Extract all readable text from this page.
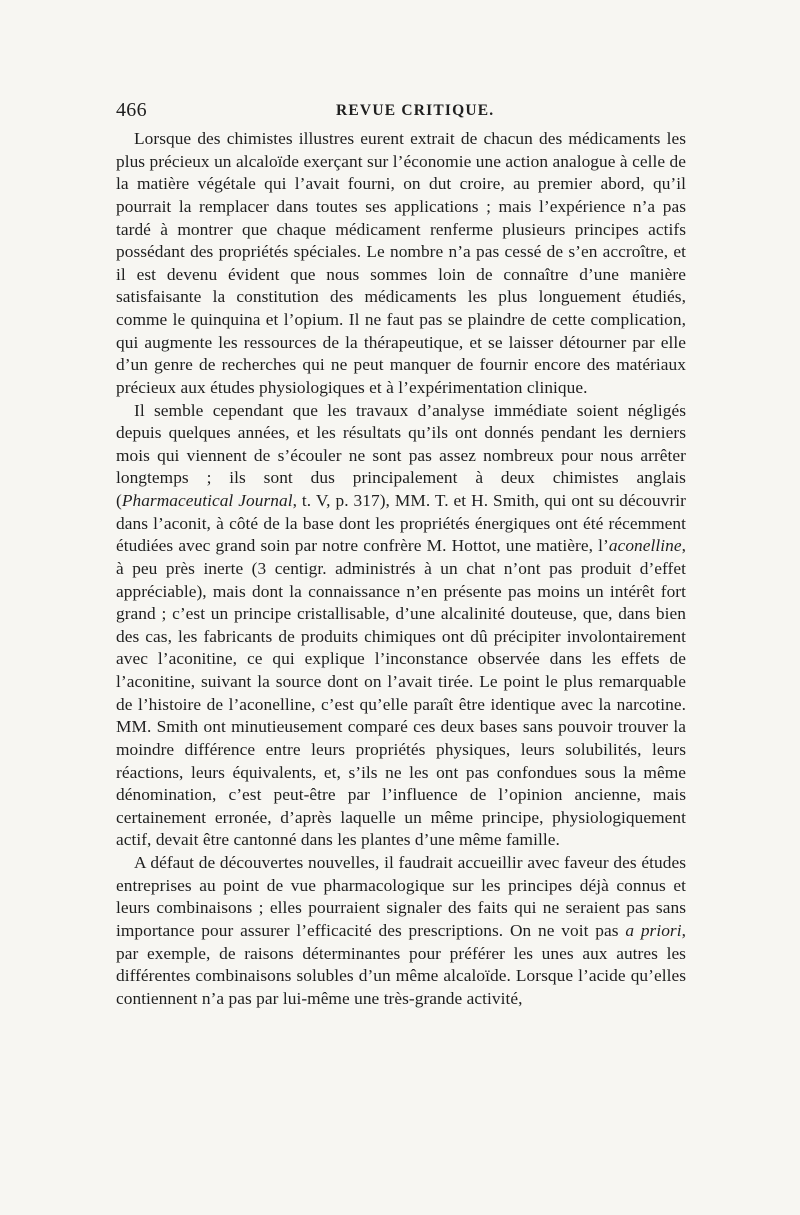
466	REVUE CRITIQUE.

Lorsque des chimistes illustres eurent extrait de chacun des médicaments les plus précieux un alcaloïde exerçant sur l’économie une action analogue à celle de la matière végétale qui l’avait fourni, on dut croire, au premier abord, qu’il pourrait la remplacer dans toutes ses applications ; mais l’expérience n’a pas tardé à montrer que chaque médicament renferme plusieurs principes actifs possédant des propriétés spéciales. Le nombre n’a pas cessé de s’en accroître, et il est devenu évident que nous sommes loin de connaître d’une manière satisfaisante la constitution des médicaments les plus longuement étudiés, comme le quinquina et l’opium. Il ne faut pas se plaindre de cette complication, qui augmente les ressources de la thérapeutique, et se laisser détourner par elle d’un genre de recherches qui ne peut manquer de fournir encore des matériaux précieux aux études physiologiques et à l’expérimentation clinique.

Il semble cependant que les travaux d’analyse immédiate soient négligés depuis quelques années, et les résultats qu’ils ont donnés pendant les derniers mois qui viennent de s’écouler ne sont pas assez nombreux pour nous arrêter longtemps ; ils sont dus principalement à deux chimistes anglais (Pharmaceutical Journal, t. V, p. 317), MM. T. et H. Smith, qui ont su découvrir dans l’aconit, à côté de la base dont les propriétés énergiques ont été récemment étudiées avec grand soin par notre confrère M. Hottot, une matière, l’aconelline, à peu près inerte (3 centigr. administrés à un chat n’ont pas produit d’effet appréciable), mais dont la connaissance n’en présente pas moins un intérêt fort grand ; c’est un principe cristallisable, d’une alcalinité douteuse, que, dans bien des cas, les fabricants de produits chimiques ont dû précipiter involontairement avec l’aconitine, ce qui explique l’inconstance observée dans les effets de l’aconitine, suivant la source dont on l’avait tirée. Le point le plus remarquable de l’histoire de l’aconelline, c’est qu’elle paraît être identique avec la narcotine. MM. Smith ont minutieusement comparé ces deux bases sans pouvoir trouver la moindre différence entre leurs propriétés physiques, leurs solubilités, leurs réactions, leurs équivalents, et, s’ils ne les ont pas confondues sous la même dénomination, c’est peut-être par l’influence de l’opinion ancienne, mais certainement erronée, d’après laquelle un même principe, physiologiquement actif, devait être cantonné dans les plantes d’une même famille.

A défaut de découvertes nouvelles, il faudrait accueillir avec faveur des études entreprises au point de vue pharmacologique sur les principes déjà connus et leurs combinaisons ; elles pourraient signaler des faits qui ne seraient pas sans importance pour assurer l’efficacité des prescriptions. On ne voit pas a priori, par exemple, de raisons déterminantes pour préférer les unes aux autres les différentes combinaisons solubles d’un même alcaloïde. Lorsque l’acide qu’elles contiennent n’a pas par lui-même une très-grande activité,
